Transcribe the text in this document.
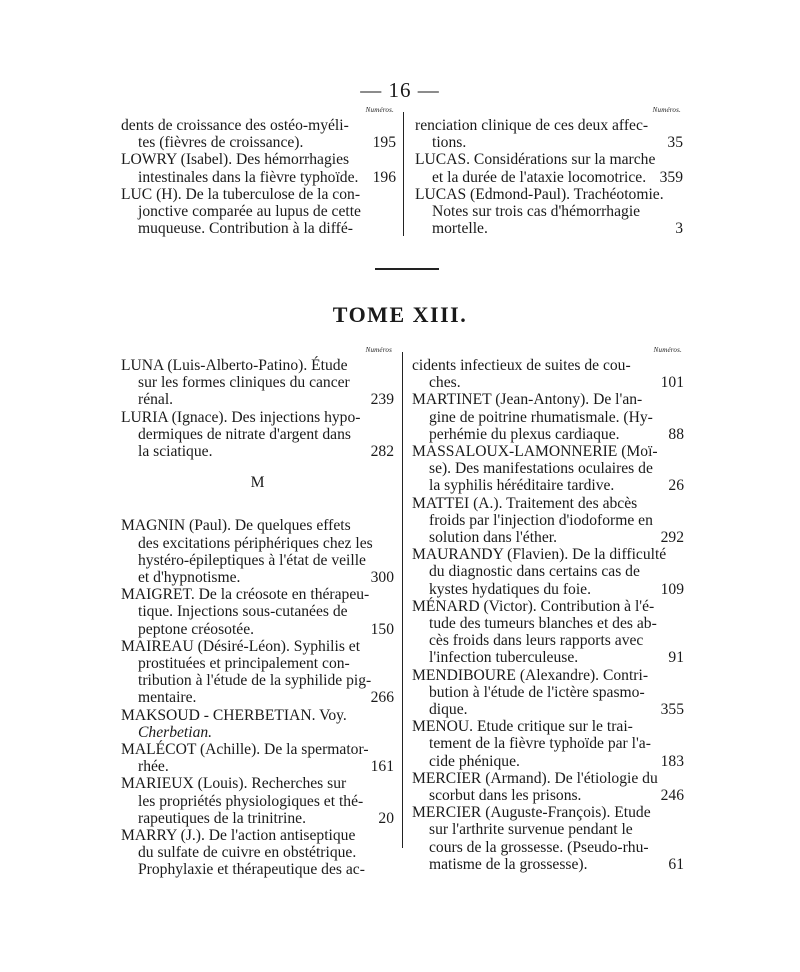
— 16 —
Numéros.
dents de croissance des ostéo-myéli-
tes (fièvres de croissance).	195
LOWRY (Isabel). Des hémorrhagies
intestinales dans la fièvre typhoïde. 196
LUC (H). De la tuberculose de la con-
jonctive comparée au lupus de cette
muqueuse. Contribution à la diffé-
Numéros.
renciation clinique de ces deux affec-
tions.	35
LUCAS. Considérations sur la marche
et la durée de l'ataxie locomotrice. 359
LUCAS (Edmond-Paul). Trachéotomie.
Notes sur trois cas d'hémorrhagie
mortelle.	3
TOME XIII.
Numéros
LUNA (Luis-Alberto-Patino). Étude
sur les formes cliniques du cancer
rénal.	239
LURIA (Ignace). Des injections hypo-
dermiques de nitrate d'argent dans
la sciatique.	282
M
MAGNIN (Paul). De quelques effets
des excitations périphériques chez les
hystéro-épileptiques à l'état de veille
et d'hypnotisme.	300
MAIGRET. De la créosote en thérapeu-
tique. Injections sous-cutanées de
peptone créosotée.	150
MAIREAU (Désiré-Léon). Syphilis et
prostituées et principalement con-
tribution à l'étude de la syphilide pig-
mentaire.	266
MAKSOUD - CHERBETIAN. Voy.
Cherbetian.
MALÉCOT (Achille). De la spermator-
rhée.	161
MARIEUX (Louis). Recherches sur
les propriétés physiologiques et thé-
rapeutiques de la trinitrine.	20
MARRY (J.). De l'action antiseptique
du sulfate de cuivre en obstétrique.
Prophylaxie et thérapeutique des ac-
Numéros.
cidents infectieux de suites de cou-
ches.	101
MARTINET (Jean-Antony). De l'an-
gine de poitrine rhumatismale. (Hy-
perhémie du plexus cardiaque.	88
MASSALOUX-LAMONNERIE (Moï-
se). Des manifestations oculaires de
la syphilis héréditaire tardive.	26
MATTEI (A.). Traitement des abcès
froids par l'injection d'iodoforme en
solution dans l'éther.	292
MAURANDY (Flavien). De la difficulté
du diagnostic dans certains cas de
kystes hydatiques du foie.	109
MÉNARD (Victor). Contribution à l'é-
tude des tumeurs blanches et des ab-
cès froids dans leurs rapports avec
l'infection tuberculeuse.	91
MENDIBOURE (Alexandre). Contri-
bution à l'étude de l'ictère spasmo-
dique.	355
MENOU. Etude critique sur le trai-
tement de la fièvre typhoïde par l'a-
cide phénique.	183
MERCIER (Armand). De l'étiologie du
scorbut dans les prisons.	246
MERCIER (Auguste-François). Etude
sur l'arthrite survenue pendant le
cours de la grossesse. (Pseudo-rhu-
matisme de la grossesse).	61
